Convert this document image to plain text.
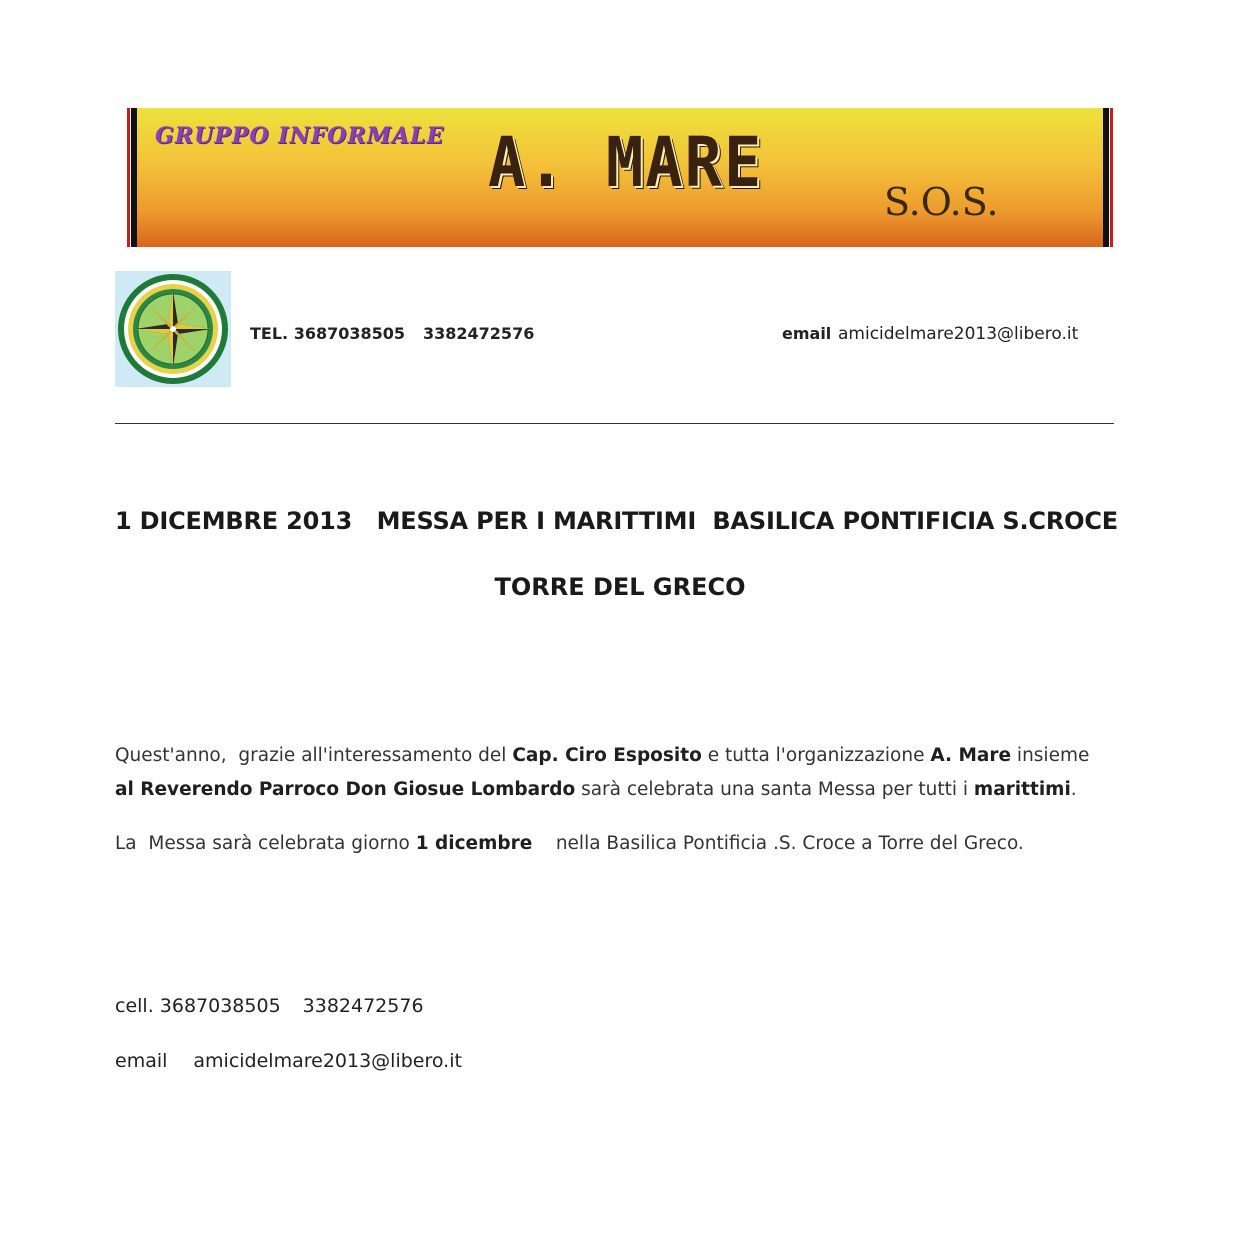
GRUPPO INFORMALE A. MARE	S.O.S.
TEL. 3687038505 3382472576	email amicidelmare2013@libero.it
1 DICEMBRE 2013   MESSA PER I MARITTIMI  BASILICA PONTIFICIA S.CROCE
TORRE DEL GRECO
Quest'anno,  grazie all'interessamento del Cap. Ciro Esposito e tutta l'organizzazione A. Mare insieme
al Reverendo Parroco Don Giosue Lombardo sarà celebrata una santa Messa per tutti i marittimi.
La  Messa sarà celebrata giorno 1 dicembre    nella Basilica Pontificia .S. Croce a Torre del Greco.
cell. 3687038505 3382472576
email amicidelmare2013@libero.it
